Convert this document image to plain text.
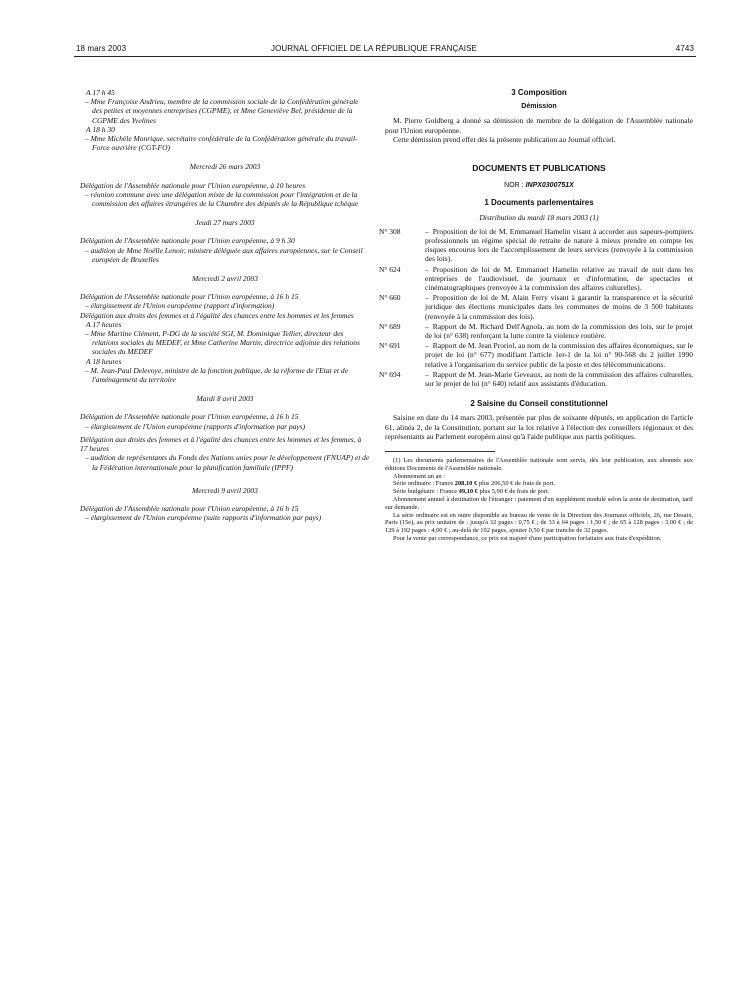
18 mars 2003	JOURNAL OFFICIEL DE LA RÉPUBLIQUE FRANÇAISE	4743

A 17 h 45

– Mme Françoise Andrieu, membre de la commission sociale de la Confédération générale des petites et moyennes entreprises (CGPME), et Mme Geneviève Bel, présidente de la CGPME des Yvelines

A 18 h 30

– Mme Michèle Monrique, secrétaire confédérale de la Confédération générale du travail-Force ouvrière (CGT-FO)

Mercredi 26 mars 2003

Délégation de l'Assemblée nationale pour l'Union européenne, à 10 heures

– réunion commune avec une délégation mixte de la commission pour l'intégration et de la commission des affaires étrangères de la Chambre des députés de la République tchèque

Jeudi 27 mars 2003

Délégation de l'Assemblée nationale pour l'Union européenne, à 9 h 30

– audition de Mme Noëlle Lenoir, ministre déléguée aux affaires européennes, sur le Conseil européen de Bruxelles

Mercredi 2 avril 2003

Délégation de l'Assemblée nationale pour l'Union européenne, à 16 h 15

– élargissement de l'Union européenne (rapport d'information)

Délégation aux droits des femmes et à l'égalité des chances entre les hommes et les femmes

A 17 heures

– Mme Martine Clément, P-DG de la société SGI, M. Dominique Tellier, directeur des relations sociales du MEDEF, et Mme Catherine Martin, directrice adjointe des relations sociales du MEDEF

A 18 heures

– M. Jean-Paul Delevoye, ministre de la fonction publique, de la réforme de l'Etat et de l'aménagement du territoire

Mardi 8 avril 2003

Délégation de l'Assemblée nationale pour l'Union européenne, à 16 h 15

– élargissement de l'Union européenne (rapports d'information par pays)

Délégation aux droits des femmes et à l'égalité des chances entre les hommes et les femmes, à 17 heures

– audition de représentants du Fonds des Nations unies pour le développement (FNUAP) et de la Fédération internationale pour la planification familiale (IPPF)

Mercredi 9 avril 2003

Délégation de l'Assemblée nationale pour l'Union européenne, à 16 h 15

– élargissement de l'Union européenne (suite rapports d'information par pays)

3 Composition

Démission

M. Pierre Goldberg a donné sa démission de membre de la délégation de l'Assemblée nationale pour l'Union européenne.

Cette démission prend effet dès la présente publication au Journal officiel.

DOCUMENTS ET PUBLICATIONS

NOR : INPX0300751X

1 Documents parlementaires

Distribution du mardi 18 mars 2003 (1)

N° 308	– Proposition de loi de M. Emmanuel Hamelin visant à accorder aux sapeurs-pompiers professionnels un régime spécial de retraite de nature à mieux prendre en compte les risques encourus lors de l'accomplissement de leurs services (renvoyée à la commission des lois).
N° 624	– Proposition de loi de M. Emmanuel Hamelin relative au travail de nuit dans les entreprises de l'audiovisuel, de journaux et d'information, de spectacles et cinématographiques (renvoyée à la commission des affaires culturelles).
N° 660	– Proposition de loi de M. Alain Ferry visant à garantir la transparence et la sécurité juridique des élections municipales dans les communes de moins de 3 500 habitants (renvoyée à la commission des lois).
N° 689	– Rapport de M. Richard Dell'Agnola, au nom de la commission des lois, sur le projet de loi (n° 638) renforçant la lutte contre la violence routière.
N° 691	– Rapport de M. Jean Proriol, au nom de la commission des affaires économiques, sur le projet de loi (n° 677) modifiant l'article 1er-1 de la loi n° 90-568 du 2 juillet 1990 relative à l'organisation du service public de la poste et des télécommunications.
N° 694	– Rapport de M. Jean-Marie Geveaux, au nom de la commission des affaires culturelles, sur le projet de loi (n° 640) relatif aux assistants d'éducation.

2 Saisine du Conseil constitutionnel

Saisine en date du 14 mars 2003, présentée par plus de soixante députés, en application de l'article 61, alinéa 2, de la Constitution, portant sur la loi relative à l'élection des conseillers régionaux et des représentants au Parlement européen ainsi qu'à l'aide publique aux partis politiques.

(1) Les documents parlementaires de l'Assemblée nationale sont servis, dès leur publication, aux abonnés aux éditions Documents de l'Assemblée nationale.

Abonnement un an :

Série ordinaire : France 208,10 € plus 206,50 € de frais de port.

Série budgétaire : France 49,10 € plus 5,90 € de frais de port.

Abonnement annuel à destination de l'étranger : paiement d'un supplément modulé selon la zone de destination, tarif sur demande.

La série ordinaire est en outre disponible au bureau de vente de la Direction des Journaux officiels, 26, rue Desaix, Paris (15e), au prix unitaire de : jusqu'à 32 pages : 0,75 € ; de 33 à 64 pages : 1,50 € ; de 65 à 128 pages : 3,00 € ; de 129 à 192 pages : 4,00 € ; au-delà de 192 pages, ajouter 0,50 € par tranche de 32 pages.

Pour la vente par correspondance, ce prix est majoré d'une participation forfaitaire aux frais d'expédition.
